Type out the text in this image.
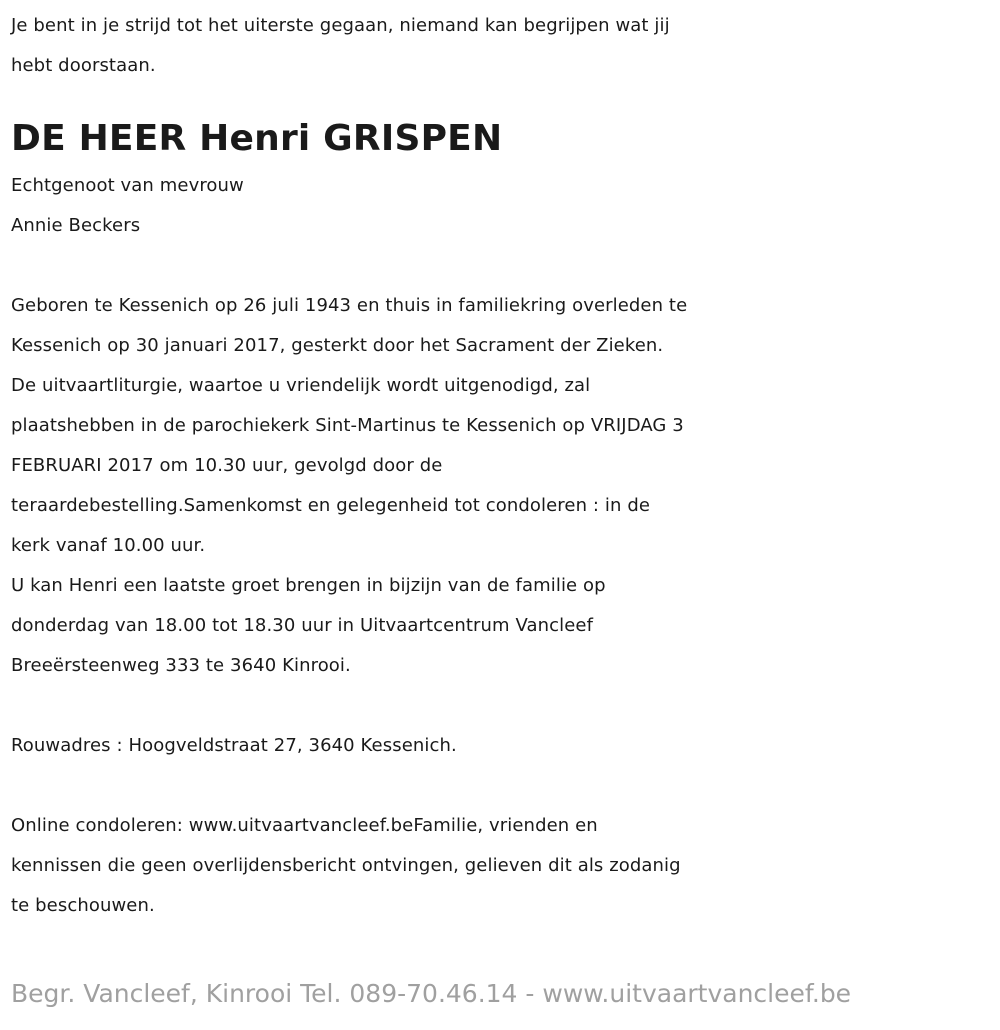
Je bent in je strijd tot het uiterste gegaan, niemand kan begrijpen wat jij
hebt doorstaan.
DE HEER Henri GRISPEN
Echtgenoot van mevrouw
Annie Beckers
Geboren te Kessenich op 26 juli 1943 en thuis in familiekring overleden te
Kessenich op 30 januari 2017, gesterkt door het Sacrament der Zieken.
De uitvaartliturgie, waartoe u vriendelijk wordt uitgenodigd, zal
plaatshebben in de parochiekerk Sint-Martinus te Kessenich op VRIJDAG 3
FEBRUARI 2017 om 10.30 uur, gevolgd door de
teraardebestelling.Samenkomst en gelegenheid tot condoleren : in de
kerk vanaf 10.00 uur.
U kan Henri een laatste groet brengen in bijzijn van de familie op
donderdag van 18.00 tot 18.30 uur in Uitvaartcentrum Vancleef
Breeërsteenweg 333 te 3640 Kinrooi.
Rouwadres : Hoogveldstraat 27, 3640 Kessenich.
Online condoleren: www.uitvaartvancleef.beFamilie, vrienden en
kennissen die geen overlijdensbericht ontvingen, gelieven dit als zodanig
te beschouwen.
Begr. Vancleef, Kinrooi Tel. 089-70.46.14 - www.uitvaartvancleef.be
